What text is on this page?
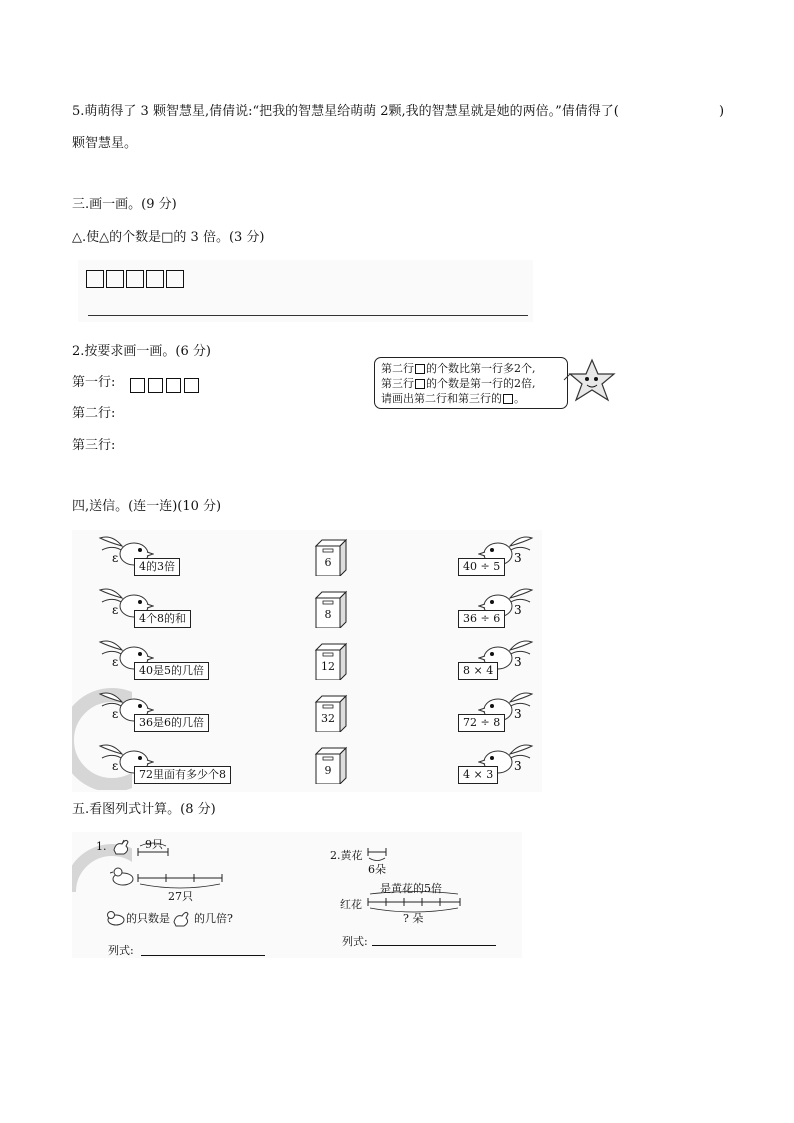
5.萌萌得了 3 颗智慧星,倩倩说:“把我的智慧星给萌萌 2颗,我的智慧星就是她的两倍。”倩倩得了(	)
颗智慧星。
三.画一画。(9 分)
△.使△的个数是□的 3 倍。(3 分)
2.按要求画一画。(6 分)
第一行:
第二行:
第三行:
第二行 的个数比第一行多2个,
第三行 的个数是第一行的2倍,
请画出第二行和第三行的 。
四,送信。(连一连)(10 分)
ε
4的3倍	6	3
40 ÷ 5
ε
4个8的和	8	3
36 ÷ 6
ε
40是5的几倍	12	3
8 × 4
ε
36是6的几倍	32	3
72 ÷ 8
ε
72里面有多少个8	9	3
4 × 3
五.看图列式计算。(8 分)
1.	9只
27只
的只数是 的几倍?
列式:
2.黄花
6朵
是黄花的5倍
红花
? 朵
列式:
